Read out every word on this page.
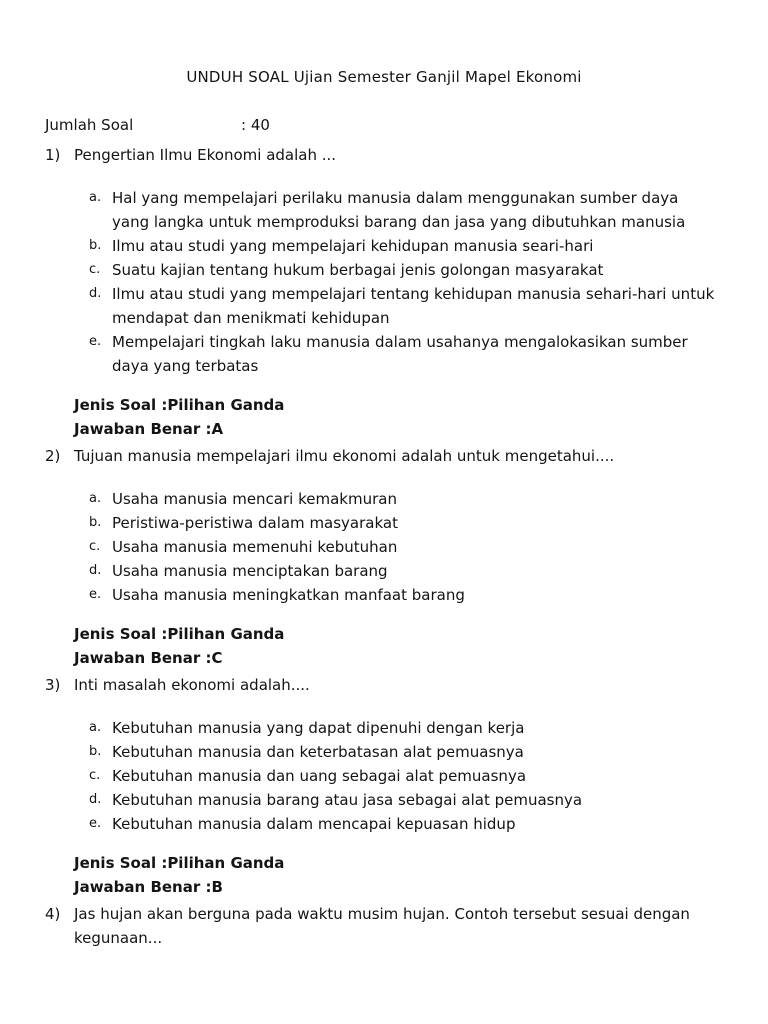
UNDUH SOAL Ujian Semester Ganjil Mapel Ekonomi
Jumlah Soal	: 40
1) Pengertian Ilmu Ekonomi adalah ...
a. Hal yang mempelajari perilaku manusia dalam menggunakan sumber daya yang langka untuk memproduksi barang dan jasa yang dibutuhkan manusia
b. Ilmu atau studi yang mempelajari kehidupan manusia seari-hari
c. Suatu kajian tentang hukum berbagai jenis golongan masyarakat
d. Ilmu atau studi yang mempelajari tentang kehidupan manusia sehari-hari untuk mendapat dan menikmati kehidupan
e. Mempelajari tingkah laku manusia dalam usahanya mengalokasikan sumber daya yang terbatas
Jenis Soal :Pilihan Ganda
Jawaban Benar :A
2) Tujuan manusia mempelajari ilmu ekonomi adalah untuk mengetahui....
a. Usaha manusia mencari kemakmuran
b. Peristiwa-peristiwa dalam masyarakat
c. Usaha manusia memenuhi kebutuhan
d. Usaha manusia menciptakan barang
e. Usaha manusia meningkatkan manfaat barang
Jenis Soal :Pilihan Ganda
Jawaban Benar :C
3) Inti masalah ekonomi adalah....
a. Kebutuhan manusia yang dapat dipenuhi dengan kerja
b. Kebutuhan manusia dan keterbatasan alat pemuasnya
c. Kebutuhan manusia dan uang sebagai alat pemuasnya
d. Kebutuhan manusia barang atau jasa sebagai alat pemuasnya
e. Kebutuhan manusia dalam mencapai kepuasan hidup
Jenis Soal :Pilihan Ganda
Jawaban Benar :B
4) Jas hujan akan berguna pada waktu musim hujan. Contoh tersebut sesuai dengan kegunaan...
